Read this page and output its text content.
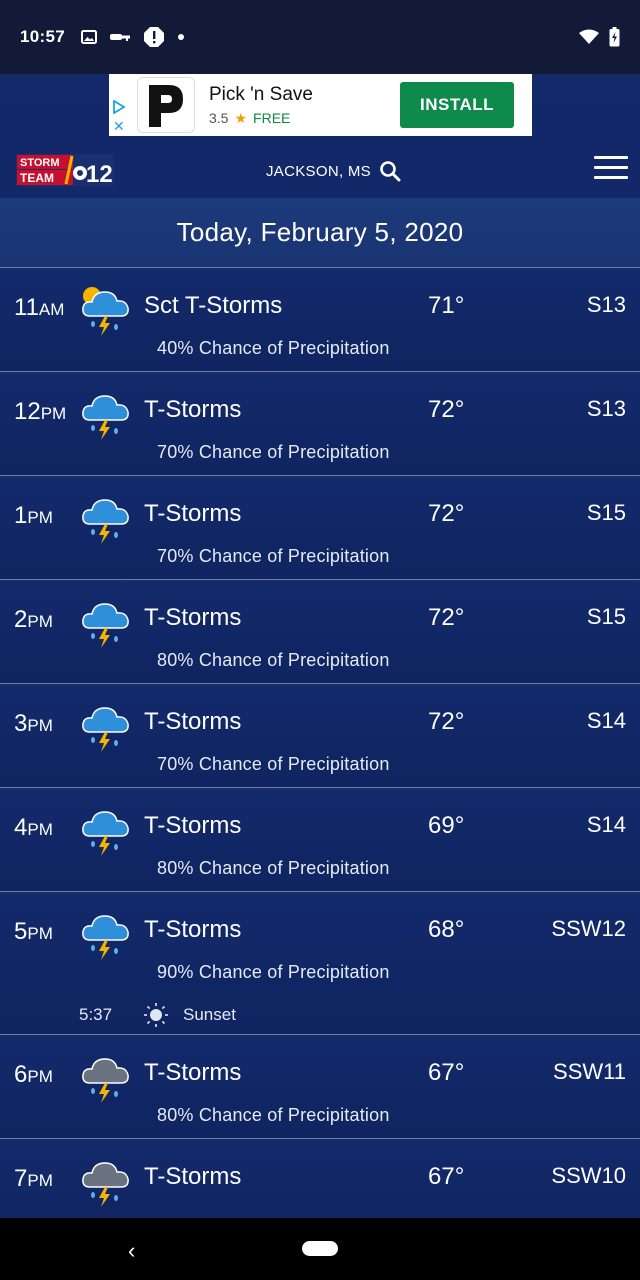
10:57
✕
Pick 'n Save
3.5 ★ FREE
INSTALL
STORM
TEAM 12	JACKSON, MS
Today, February 5, 2020
11AM	Sct T-Storms	71°	S13
40% Chance of Precipitation
12PM	T-Storms	72°	S13
70% Chance of Precipitation
1PM	T-Storms	72°	S15
70% Chance of Precipitation
2PM	T-Storms	72°	S15
80% Chance of Precipitation
3PM	T-Storms	72°	S14
70% Chance of Precipitation
4PM	T-Storms	69°	S14
80% Chance of Precipitation
5PM	T-Storms	68°	SSW12
90% Chance of Precipitation
5:37	Sunset
6PM	T-Storms	67°	SSW11
80% Chance of Precipitation
7PM	T-Storms	67°	SSW10
‹
